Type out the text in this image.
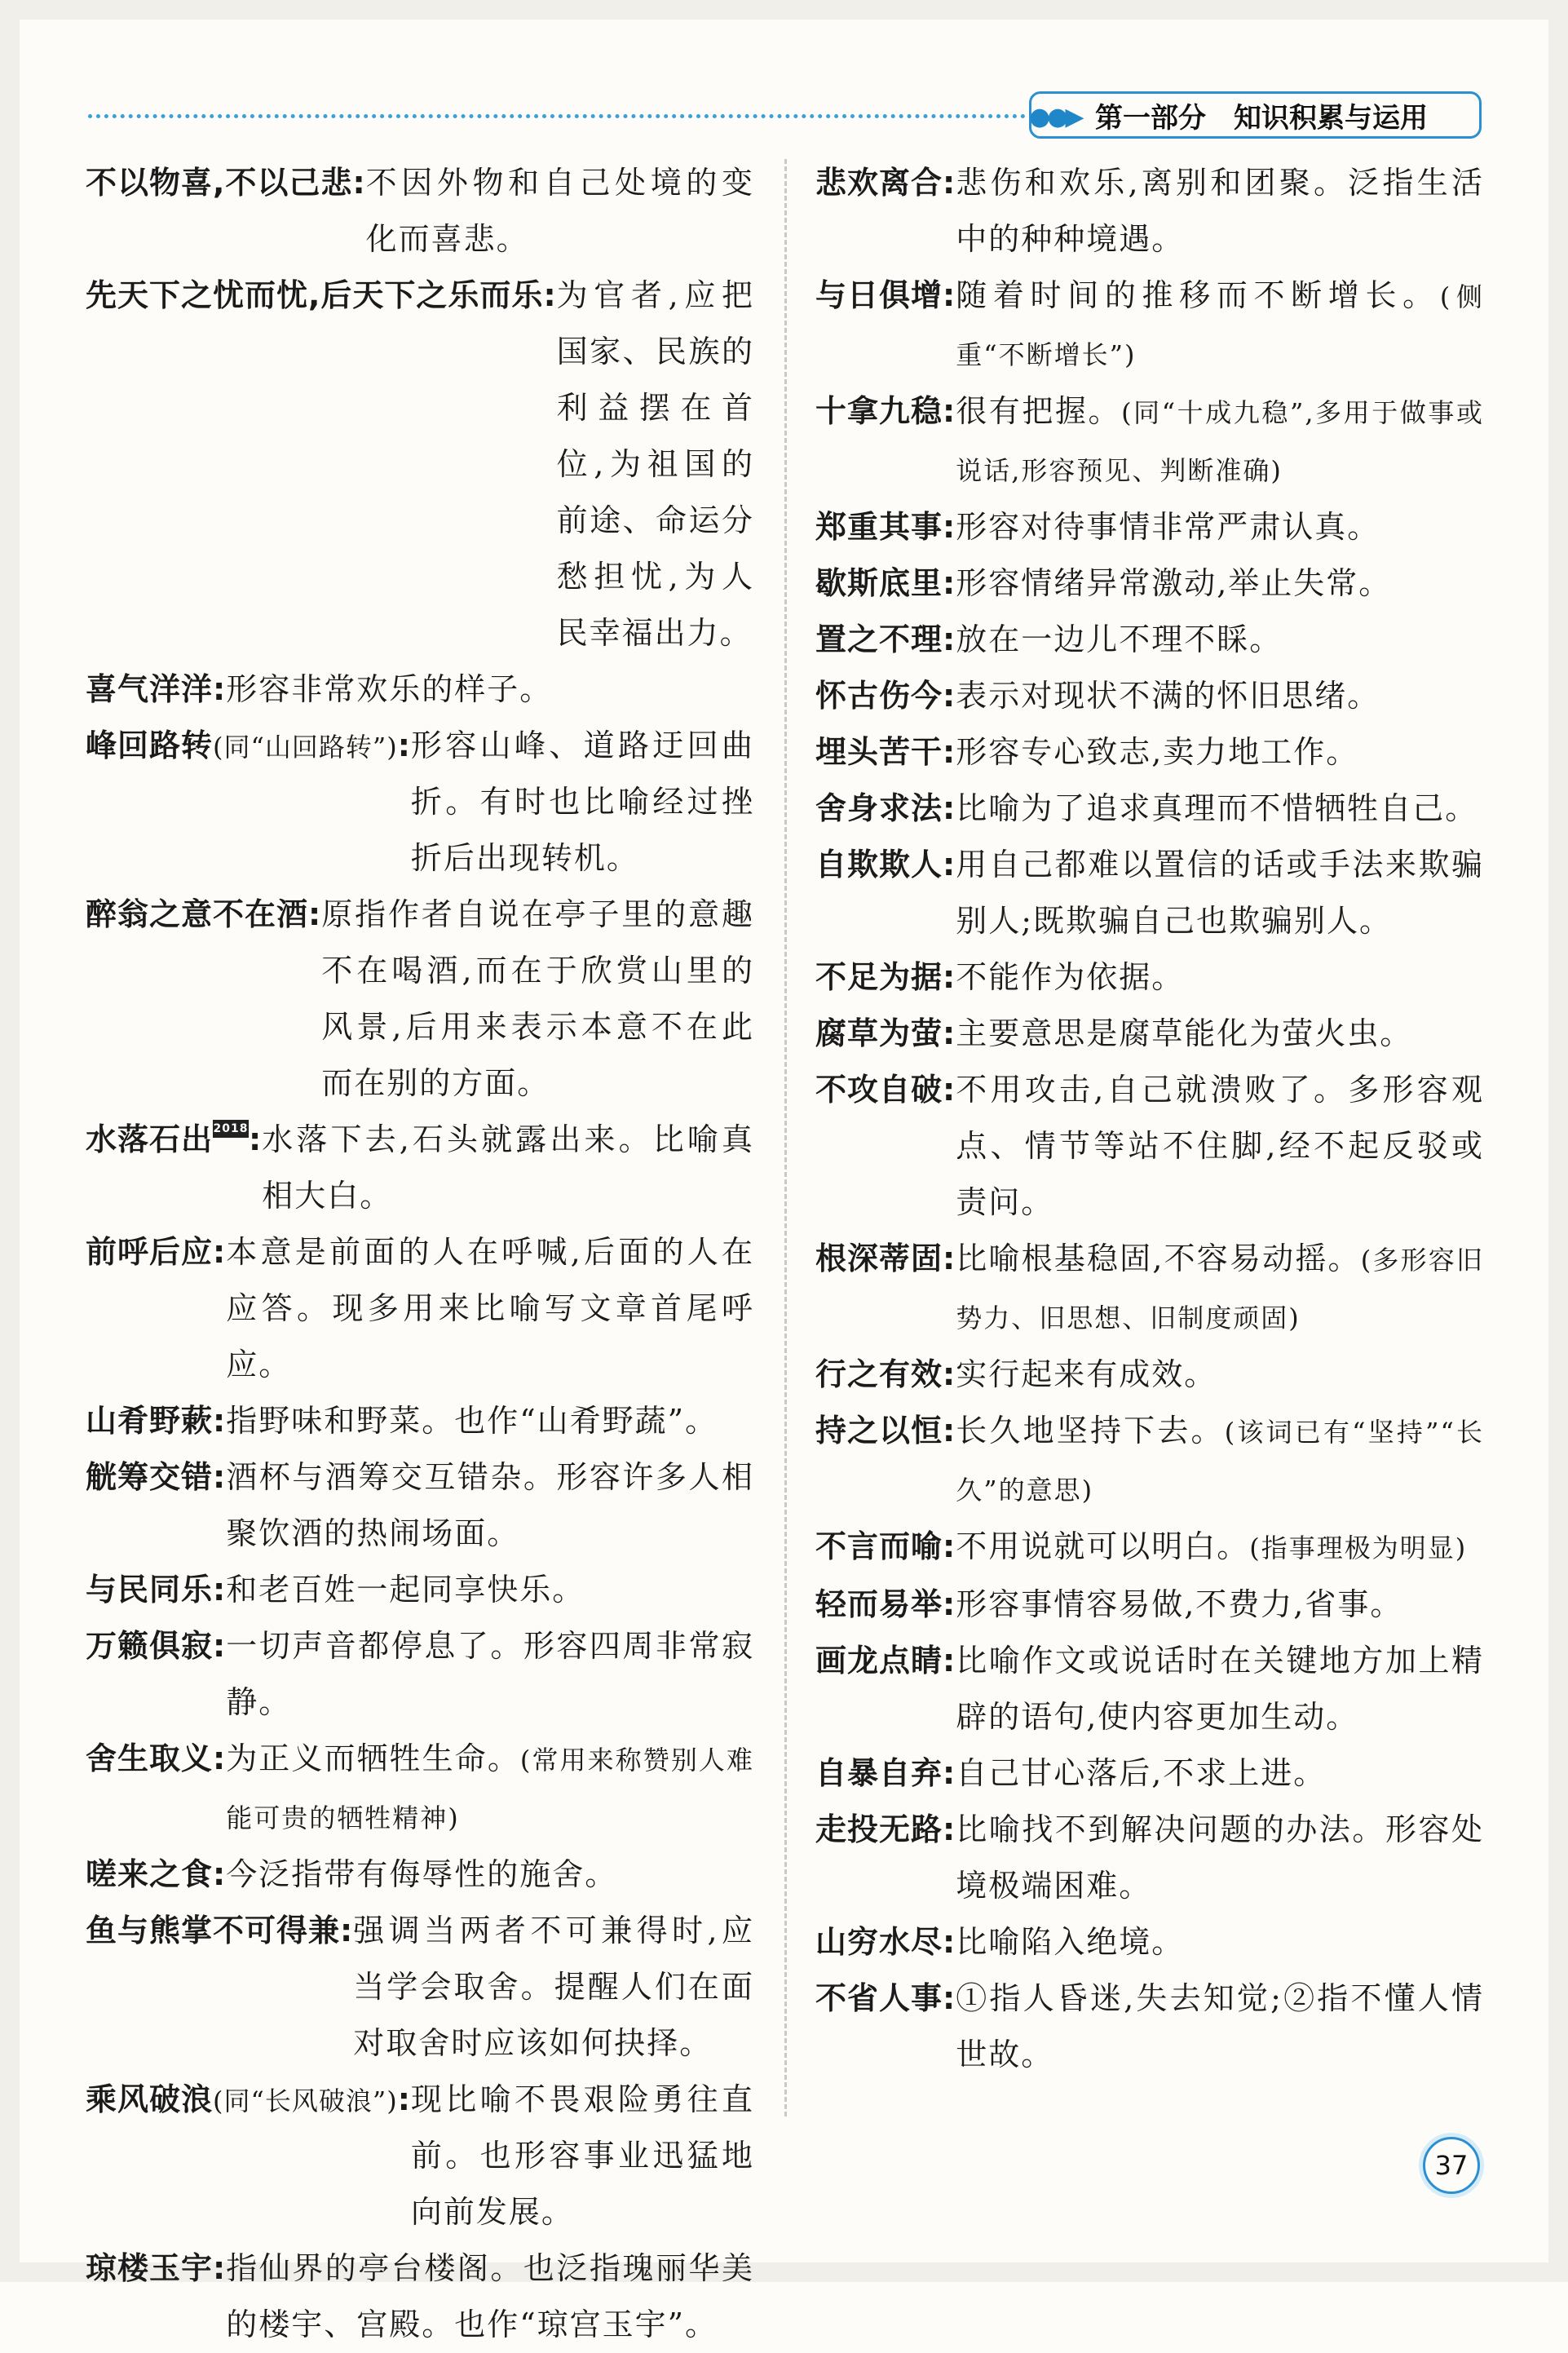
第一部分 知识积累与运用
●●▶
不以物喜,不以己悲: 不因外物和自己处境的变化而喜悲。
先天下之忧而忧,后天下之乐而乐: 为官者,应把国家、民族的利益摆在首位,为祖国的前途、命运分愁担忧,为人民幸福出力。
喜气洋洋: 形容非常欢乐的样子。
峰回路转(同“山回路转”): 形容山峰、道路迂回曲折。有时也比喻经过挫折后出现转机。
醉翁之意不在酒: 原指作者自说在亭子里的意趣不在喝酒,而在于欣赏山里的风景,后用来表示本意不在此而在别的方面。
水落石出2018: 水落下去,石头就露出来。比喻真相大白。
前呼后应: 本意是前面的人在呼喊,后面的人在应答。现多用来比喻写文章首尾呼应。
山肴野蔌: 指野味和野菜。也作“山肴野蔬”。
觥筹交错: 酒杯与酒筹交互错杂。形容许多人相聚饮酒的热闹场面。
与民同乐: 和老百姓一起同享快乐。
万籁俱寂: 一切声音都停息了。形容四周非常寂静。
舍生取义: 为正义而牺牲生命。(常用来称赞别人难能可贵的牺牲精神)
嗟来之食: 今泛指带有侮辱性的施舍。
鱼与熊掌不可得兼: 强调当两者不可兼得时,应当学会取舍。提醒人们在面对取舍时应该如何抉择。
乘风破浪(同“长风破浪”): 现比喻不畏艰险勇往直前。也形容事业迅猛地向前发展。
琼楼玉宇: 指仙界的亭台楼阁。也泛指瑰丽华美的楼宇、宫殿。也作“琼宫玉宇”。
悲欢离合: 悲伤和欢乐,离别和团聚。泛指生活中的种种境遇。
与日俱增: 随着时间的推移而不断增长。(侧重“不断增长”)
十拿九稳: 很有把握。(同“十成九稳”,多用于做事或说话,形容预见、判断准确)
郑重其事: 形容对待事情非常严肃认真。
歇斯底里: 形容情绪异常激动,举止失常。
置之不理: 放在一边儿不理不睬。
怀古伤今: 表示对现状不满的怀旧思绪。
埋头苦干: 形容专心致志,卖力地工作。
舍身求法: 比喻为了追求真理而不惜牺牲自己。
自欺欺人: 用自己都难以置信的话或手法来欺骗别人;既欺骗自己也欺骗别人。
不足为据: 不能作为依据。
腐草为萤: 主要意思是腐草能化为萤火虫。
不攻自破: 不用攻击,自己就溃败了。多形容观点、情节等站不住脚,经不起反驳或责问。
根深蒂固: 比喻根基稳固,不容易动摇。(多形容旧势力、旧思想、旧制度顽固)
行之有效: 实行起来有成效。
持之以恒: 长久地坚持下去。(该词已有“坚持”“长久”的意思)
不言而喻: 不用说就可以明白。(指事理极为明显)
轻而易举: 形容事情容易做,不费力,省事。
画龙点睛: 比喻作文或说话时在关键地方加上精辟的语句,使内容更加生动。
自暴自弃: 自己甘心落后,不求上进。
走投无路: 比喻找不到解决问题的办法。形容处境极端困难。
山穷水尽: 比喻陷入绝境。
不省人事: ①指人昏迷,失去知觉;②指不懂人情世故。
37
